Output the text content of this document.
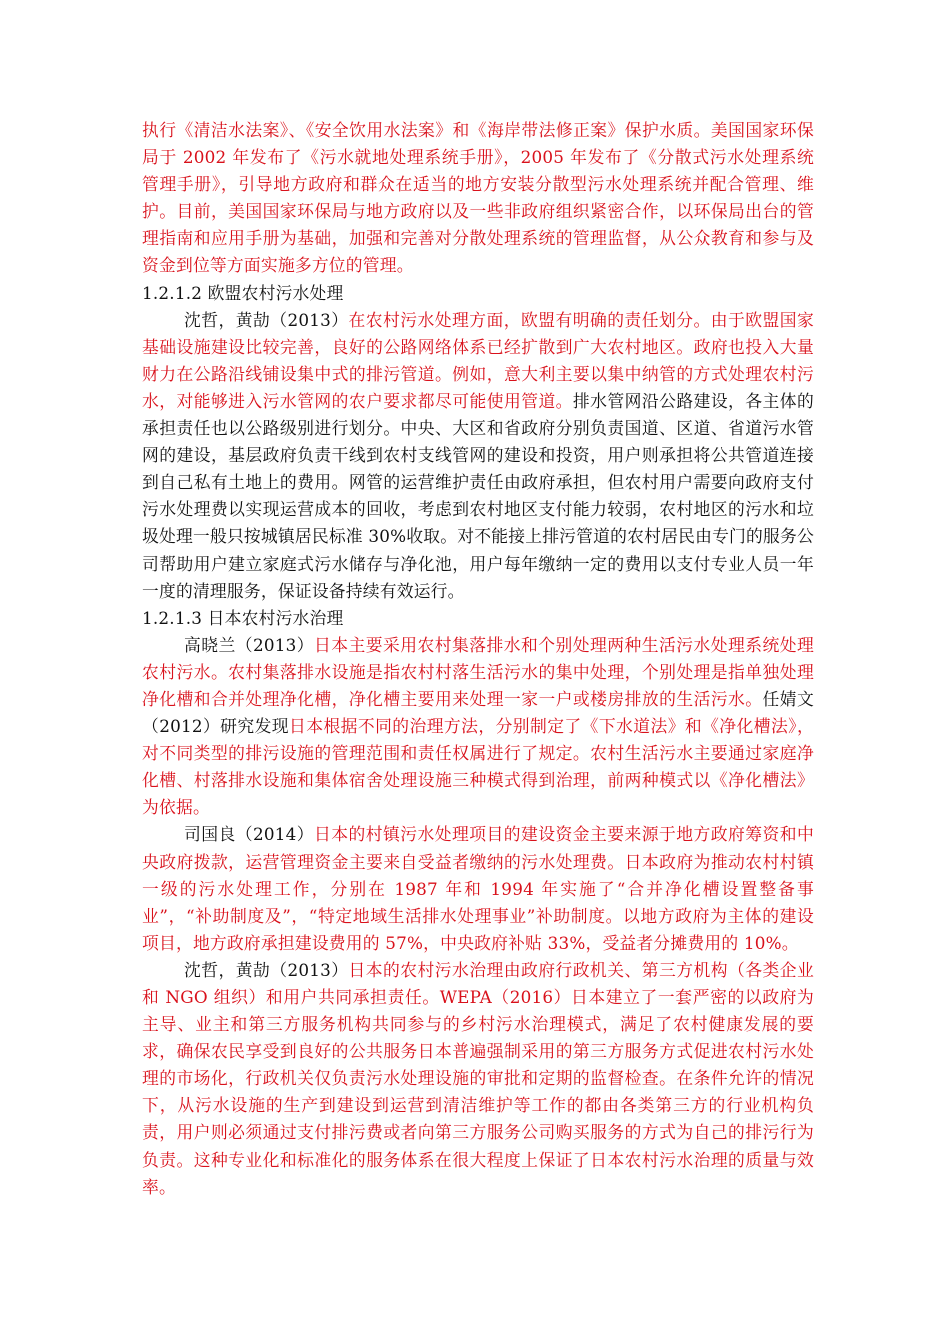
执行《清洁水法案》、《安全饮用水法案》和《海岸带法修正案》保护水质。美国国家环保局于 2002 年发布了《污水就地处理系统手册》，2005 年发布了《分散式污水处理系统管理手册》，引导地方政府和群众在适当的地方安装分散型污水处理系统并配合管理、维护。目前，美国国家环保局与地方政府以及一些非政府组织紧密合作，以环保局出台的管理指南和应用手册为基础，加强和完善对分散处理系统的管理监督，从公众教育和参与及资金到位等方面实施多方位的管理。

1.2.1.2 欧盟农村污水处理

沈哲，黄劼（2013）在农村污水处理方面，欧盟有明确的责任划分。由于欧盟国家基础设施建设比较完善，良好的公路网络体系已经扩散到广大农村地区。政府也投入大量财力在公路沿线铺设集中式的排污管道。例如，意大利主要以集中纳管的方式处理农村污水，对能够进入污水管网的农户要求都尽可能使用管道。排水管网沿公路建设，各主体的承担责任也以公路级别进行划分。中央、大区和省政府分别负责国道、区道、省道污水管网的建设，基层政府负责干线到农村支线管网的建设和投资，用户则承担将公共管道连接到自己私有土地上的费用。网管的运营维护责任由政府承担，但农村用户需要向政府支付污水处理费以实现运营成本的回收，考虑到农村地区支付能力较弱，农村地区的污水和垃圾处理一般只按城镇居民标准 30%收取。对不能接上排污管道的农村居民由专门的服务公司帮助用户建立家庭式污水储存与净化池，用户每年缴纳一定的费用以支付专业人员一年一度的清理服务，保证设备持续有效运行。

1.2.1.3 日本农村污水治理

高晓兰（2013）日本主要采用农村集落排水和个别处理两种生活污水处理系统处理农村污水。农村集落排水设施是指农村村落生活污水的集中处理，个别处理是指单独处理净化槽和合并处理净化槽，净化槽主要用来处理一家一户或楼房排放的生活污水。任婧文（2012）研究发现日本根据不同的治理方法，分别制定了《下水道法》和《净化槽法》，对不同类型的排污设施的管理范围和责任权属进行了规定。农村生活污水主要通过家庭净化槽、村落排水设施和集体宿舍处理设施三种模式得到治理，前两种模式以《净化槽法》为依据。

司国良（2014）日本的村镇污水处理项目的建设资金主要来源于地方政府筹资和中央政府拨款，运营管理资金主要来自受益者缴纳的污水处理费。日本政府为推动农村村镇一级的污水处理工作，分别在 1987 年和 1994 年实施了“合并净化槽设置整备事业”，“补助制度及”，“特定地域生活排水处理事业”补助制度。以地方政府为主体的建设项目，地方政府承担建设费用的 57%，中央政府补贴 33%，受益者分摊费用的 10%。

沈哲，黄劼（2013）日本的农村污水治理由政府行政机关、第三方机构（各类企业和 NGO 组织）和用户共同承担责任。WEPA（2016）日本建立了一套严密的以政府为主导、业主和第三方服务机构共同参与的乡村污水治理模式，满足了农村健康发展的要求，确保农民享受到良好的公共服务日本普遍强制采用的第三方服务方式促进农村污水处理的市场化，行政机关仅负责污水处理设施的审批和定期的监督检查。在条件允许的情况下，从污水设施的生产到建设到运营到清洁维护等工作的都由各类第三方的行业机构负责，用户则必须通过支付排污费或者向第三方服务公司购买服务的方式为自己的排污行为负责。这种专业化和标准化的服务体系在很大程度上保证了日本农村污水治理的质量与效率。
